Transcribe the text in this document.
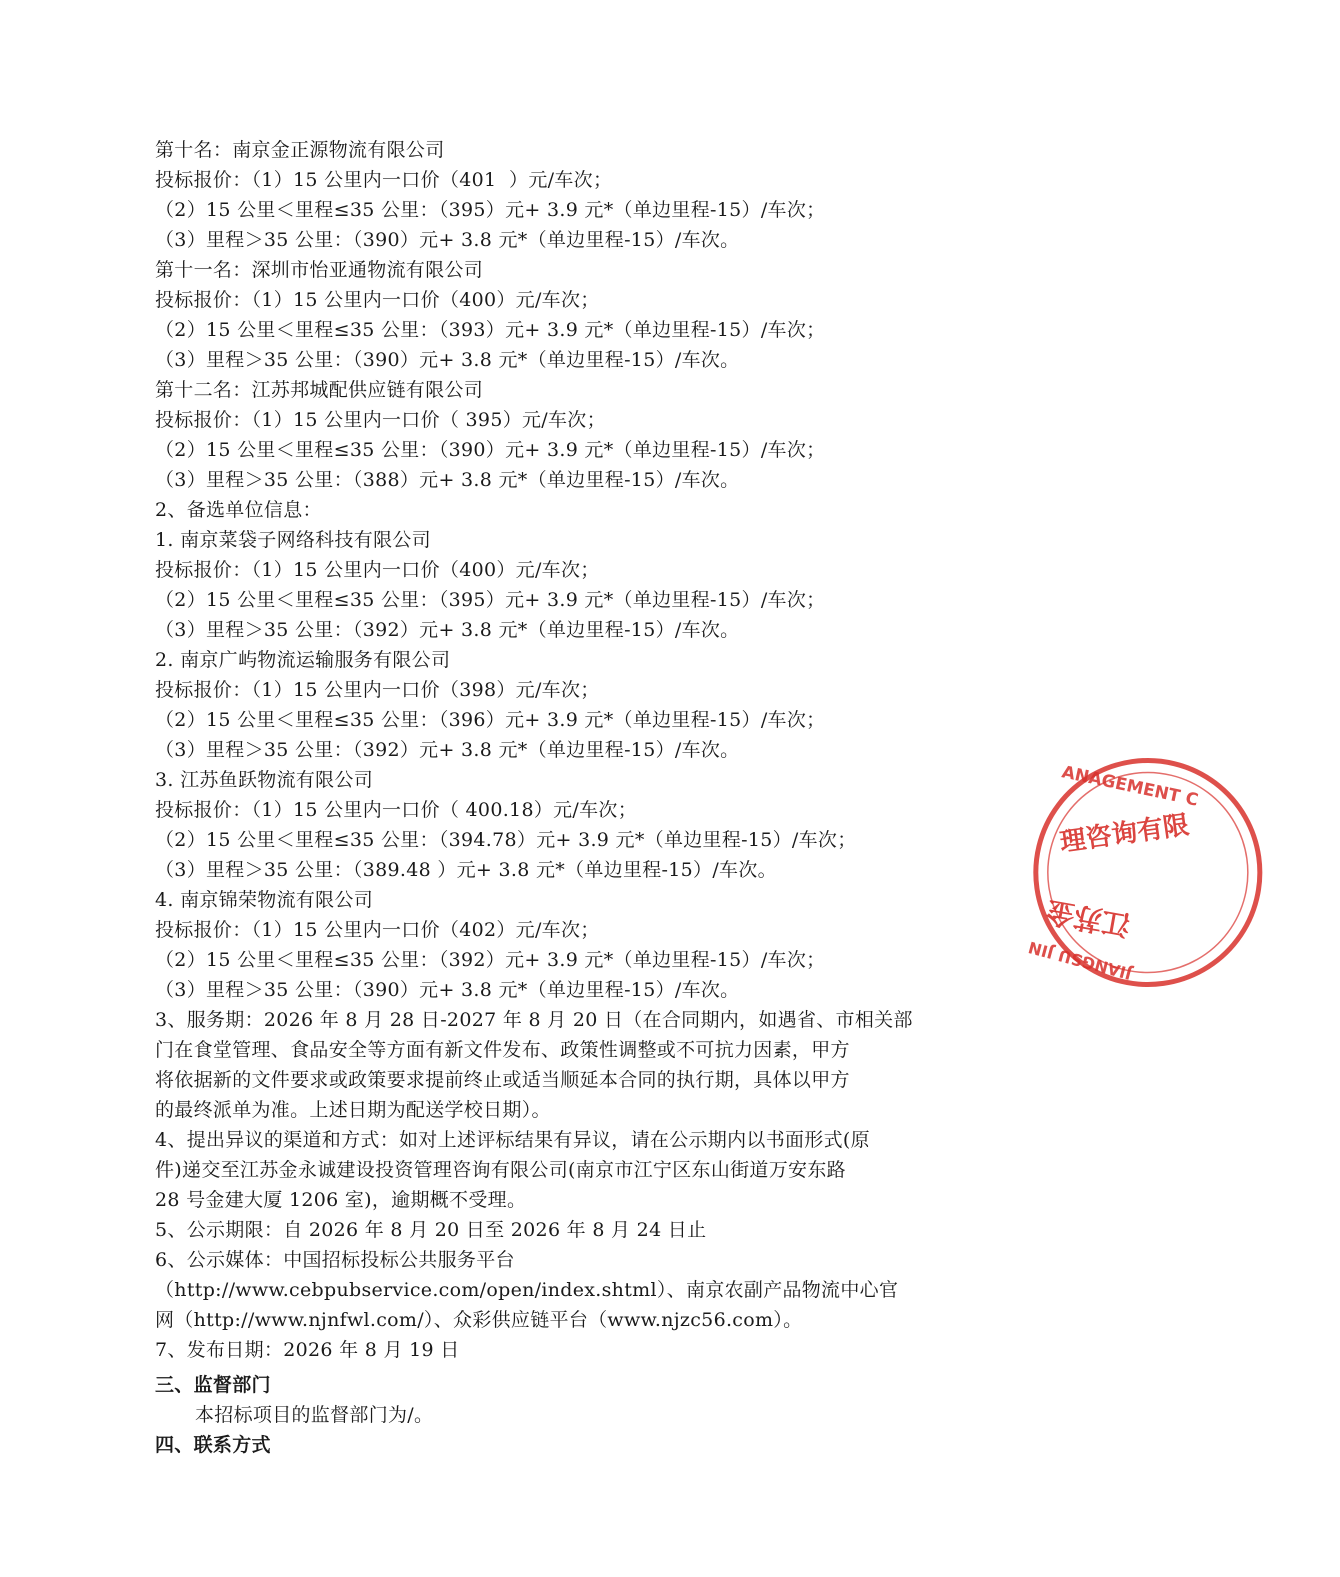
第十名：南京金正源物流有限公司
投标报价：（1）15 公里内一口价（401  ）元/车次；
（2）15 公里＜里程≤35 公里：（395）元+ 3.9 元*（单边里程-15）/车次；
（3）里程＞35 公里：（390）元+ 3.8 元*（单边里程-15）/车次。
第十一名：深圳市怡亚通物流有限公司
投标报价：（1）15 公里内一口价（400）元/车次；
（2）15 公里＜里程≤35 公里：（393）元+ 3.9 元*（单边里程-15）/车次；
（3）里程＞35 公里：（390）元+ 3.8 元*（单边里程-15）/车次。
第十二名：江苏邦城配供应链有限公司
投标报价：（1）15 公里内一口价（ 395）元/车次；
（2）15 公里＜里程≤35 公里：（390）元+ 3.9 元*（单边里程-15）/车次；
（3）里程＞35 公里：（388）元+ 3.8 元*（单边里程-15）/车次。
2、备选单位信息：
1. 南京菜袋子网络科技有限公司
投标报价：（1）15 公里内一口价（400）元/车次；
（2）15 公里＜里程≤35 公里：（395）元+ 3.9 元*（单边里程-15）/车次；
（3）里程＞35 公里：（392）元+ 3.8 元*（单边里程-15）/车次。
2. 南京广屿物流运输服务有限公司
投标报价：（1）15 公里内一口价（398）元/车次；
（2）15 公里＜里程≤35 公里：（396）元+ 3.9 元*（单边里程-15）/车次；
（3）里程＞35 公里：（392）元+ 3.8 元*（单边里程-15）/车次。
3. 江苏鱼跃物流有限公司
投标报价：（1）15 公里内一口价（ 400.18）元/车次；
（2）15 公里＜里程≤35 公里：（394.78）元+ 3.9 元*（单边里程-15）/车次；
（3）里程＞35 公里：（389.48 ）元+ 3.8 元*（单边里程-15）/车次。
4. 南京锦荣物流有限公司
投标报价：（1）15 公里内一口价（402）元/车次；
（2）15 公里＜里程≤35 公里：（392）元+ 3.9 元*（单边里程-15）/车次；
（3）里程＞35 公里：（390）元+ 3.8 元*（单边里程-15）/车次。
3、服务期：2026 年 8 月 28 日-2027 年 8 月 20 日（在合同期内，如遇省、市相关部
门在食堂管理、食品安全等方面有新文件发布、政策性调整或不可抗力因素，甲方
将依据新的文件要求或政策要求提前终止或适当顺延本合同的执行期，具体以甲方
的最终派单为准。上述日期为配送学校日期）。
4、提出异议的渠道和方式：如对上述评标结果有异议，请在公示期内以书面形式(原
件)递交至江苏金永诚建设投资管理咨询有限公司(南京市江宁区东山街道万安东路
28 号金建大厦 1206 室)，逾期概不受理。
5、公示期限：自 2026 年 8 月 20 日至 2026 年 8 月 24 日止
6、公示媒体：中国招标投标公共服务平台
（http://www.cebpubservice.com/open/index.shtml）、南京农副产品物流中心官
网（http://www.njnfwl.com/）、众彩供应链平台（www.njzc56.com）。
7、发布日期：2026 年 8 月 19 日
三、监督部门
本招标项目的监督部门为/。
四、联系方式
ANAGEMENT C
理咨询有限
江苏金
JIANGSU JIN
